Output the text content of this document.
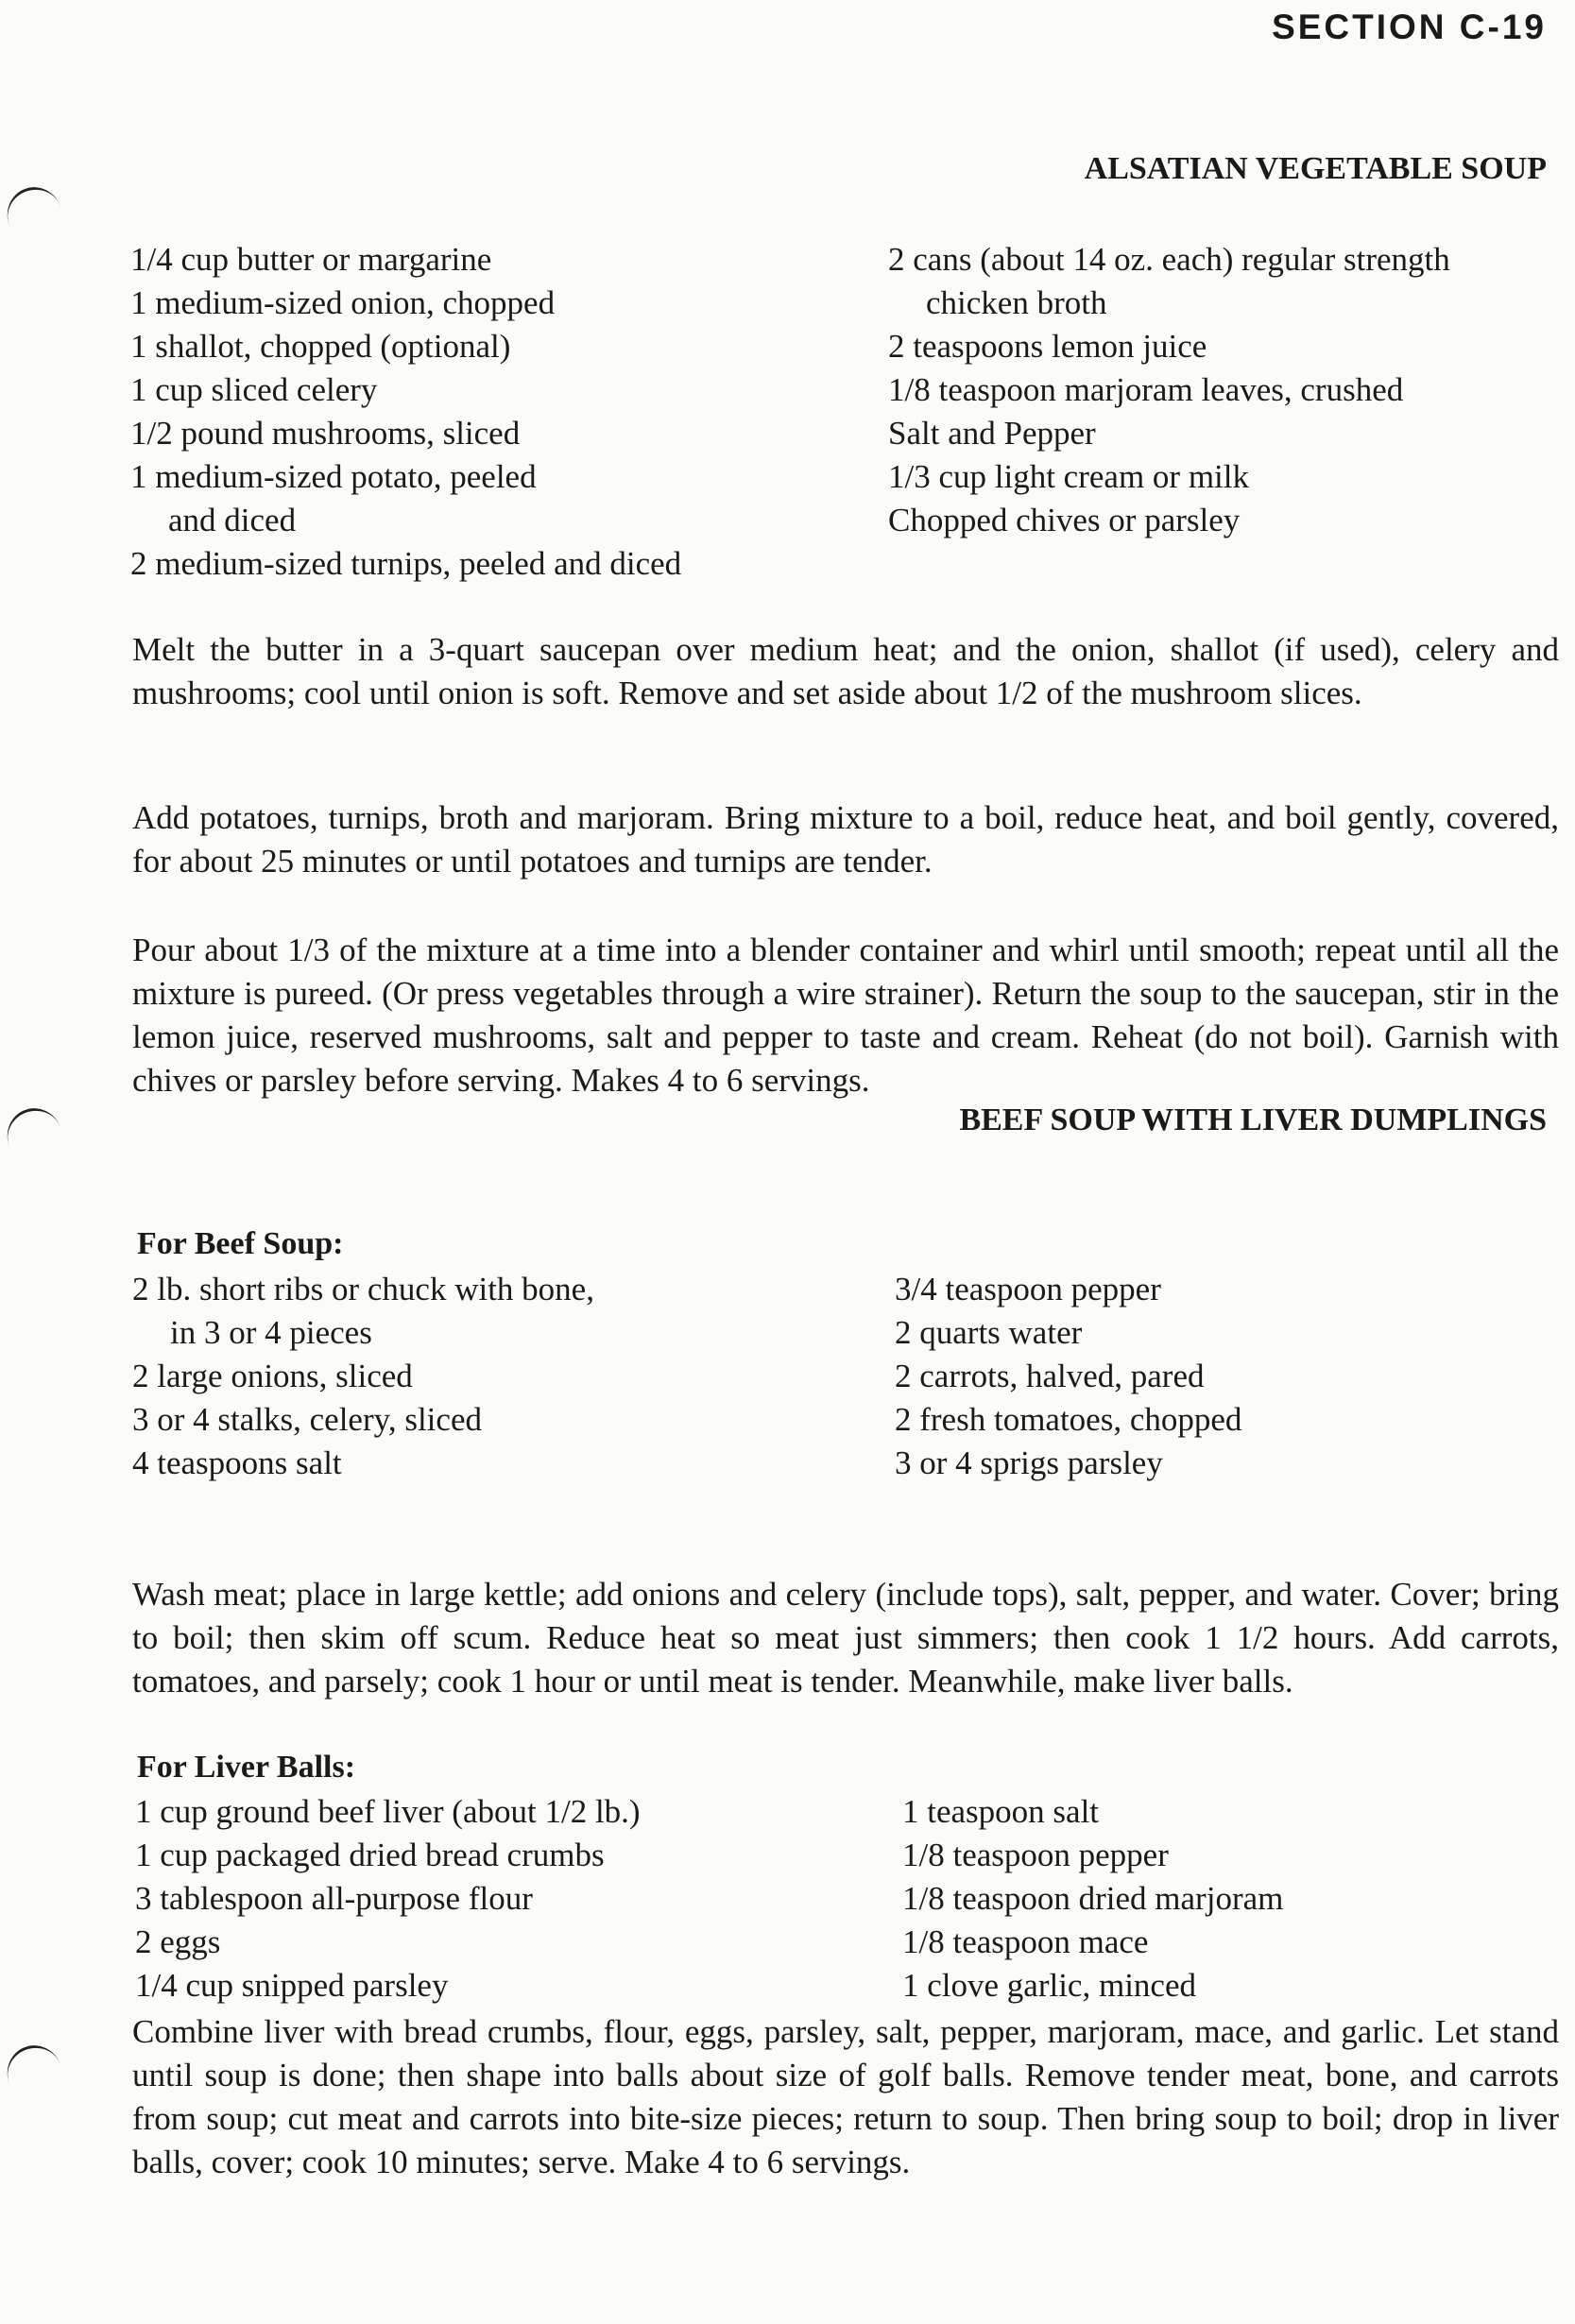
SECTION C-19
ALSATIAN VEGETABLE SOUP
1/4 cup butter or margarine
1 medium-sized onion, chopped
1 shallot, chopped (optional)
1 cup sliced celery
1/2 pound mushrooms, sliced
1 medium-sized potato, peeled
and diced
2 medium-sized turnips, peeled and diced
2 cans (about 14 oz. each) regular strength
chicken broth
2 teaspoons lemon juice
1/8 teaspoon marjoram leaves, crushed
Salt and Pepper
1/3 cup light cream or milk
Chopped chives or parsley

Melt the butter in a 3-quart saucepan over medium heat; and the onion, shallot (if used), celery and mushrooms; cool until onion is soft. Remove and set aside about 1/2 of the mushroom slices.

Add potatoes, turnips, broth and marjoram. Bring mixture to a boil, reduce heat, and boil gently, covered, for about 25 minutes or until potatoes and turnips are tender.

Pour about 1/3 of the mixture at a time into a blender container and whirl until smooth; repeat until all the mixture is pureed. (Or press vegetables through a wire strainer). Return the soup to the saucepan, stir in the lemon juice, reserved mushrooms, salt and pepper to taste and cream. Reheat (do not boil). Garnish with chives or parsley before serving. Makes 4 to 6 servings.

BEEF SOUP WITH LIVER DUMPLINGS
For Beef Soup:
2 lb. short ribs or chuck with bone,
in 3 or 4 pieces
2 large onions, sliced
3 or 4 stalks, celery, sliced
4 teaspoons salt
3/4 teaspoon pepper
2 quarts water
2 carrots, halved, pared
2 fresh tomatoes, chopped
3 or 4 sprigs parsley

Wash meat; place in large kettle; add onions and celery (include tops), salt, pepper, and water. Cover; bring to boil; then skim off scum. Reduce heat so meat just simmers; then cook 1 1/2 hours. Add carrots, tomatoes, and parsely; cook 1 hour or until meat is tender. Meanwhile, make liver balls.

For Liver Balls:
1 cup ground beef liver (about 1/2 lb.)
1 cup packaged dried bread crumbs
3 tablespoon all-purpose flour
2 eggs
1/4 cup snipped parsley
1 teaspoon salt
1/8 teaspoon pepper
1/8 teaspoon dried marjoram
1/8 teaspoon mace
1 clove garlic, minced

Combine liver with bread crumbs, flour, eggs, parsley, salt, pepper, marjoram, mace, and garlic. Let stand until soup is done; then shape into balls about size of golf balls. Remove tender meat, bone, and carrots from soup; cut meat and carrots into bite-size pieces; return to soup. Then bring soup to boil; drop in liver balls, cover; cook 10 minutes; serve. Make 4 to 6 servings.
